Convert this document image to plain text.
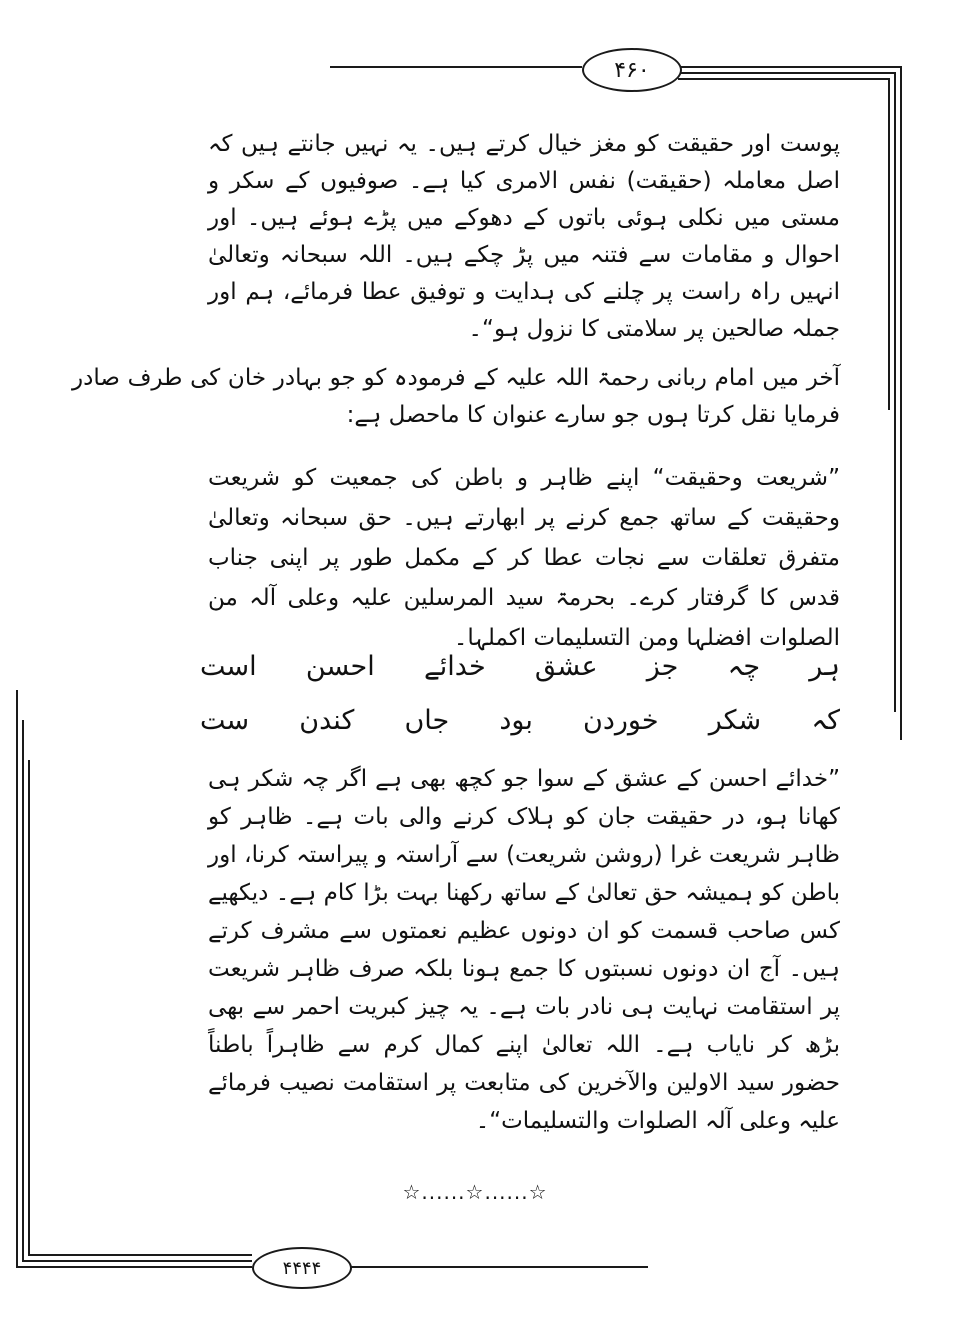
۴۶۰

پوست اور حقیقت کو مغز خیال کرتے ہیں۔ یہ نہیں جانتے ہیں کہ اصل معاملہ (حقیقت) نفس الامری کیا ہے۔ صوفیوں کے سکر و مستی میں نکلی ہوئی باتوں کے دھوکے میں پڑے ہوئے ہیں۔ اور احوال و مقامات سے فتنہ میں پڑ چکے ہیں۔ اللہ سبحانہ وتعالیٰ انہیں راہ راست پر چلنے کی ہدایت و توفیق عطا فرمائے، ہم اور جملہ صالحین پر سلامتی کا نزول ہو“۔

آخر میں امام ربانی رحمۃ اللہ علیہ کے فرمودہ کو جو بہادر خان کی طرف صادر فرمایا نقل کرتا ہوں جو سارے عنوان کا ماحصل ہے:

”شریعت وحقیقت“ اپنے ظاہر و باطن کی جمعیت کو شریعت وحقیقت کے ساتھ جمع کرنے پر ابھارتے ہیں۔ حق سبحانہ وتعالیٰ متفرق تعلقات سے نجات عطا کر کے مکمل طور پر اپنی جناب قدس کا گرفتار کرے۔ بحرمۃ سید المرسلین علیہ وعلی آلہ من الصلوات افضلہا ومن التسلیمات اکملہا۔

ہر
چہ
جز
عشق
خدائے
احسن
است
کہ
شکر
خوردن
بود
جاں
کندن
ست

”خدائے احسن کے عشق کے سوا جو کچھ بھی ہے اگر چہ شکر ہی کھانا ہو، در حقیقت جان کو ہلاک کرنے والی بات ہے۔ ظاہر کو ظاہر شریعت غرا (روشن شریعت) سے آراستہ و پیراستہ کرنا، اور باطن کو ہمیشہ حق تعالیٰ کے ساتھ رکھنا بہت بڑا کام ہے۔ دیکھیے کس صاحب قسمت کو ان دونوں عظیم نعمتوں سے مشرف کرتے ہیں۔ آج ان دونوں نسبتوں کا جمع ہونا بلکہ صرف ظاہر شریعت پر استقامت نہایت ہی نادر بات ہے۔ یہ چیز کبریت احمر سے بھی بڑھ کر نایاب ہے۔ اللہ تعالیٰ اپنے کمال کرم سے ظاہراً باطناً حضور سید الاولین والآخرین کی متابعت پر استقامت نصیب فرمائے علیہ وعلی آلہ الصلوات والتسلیمات“۔

☆......☆......☆
۴۴۴۴
